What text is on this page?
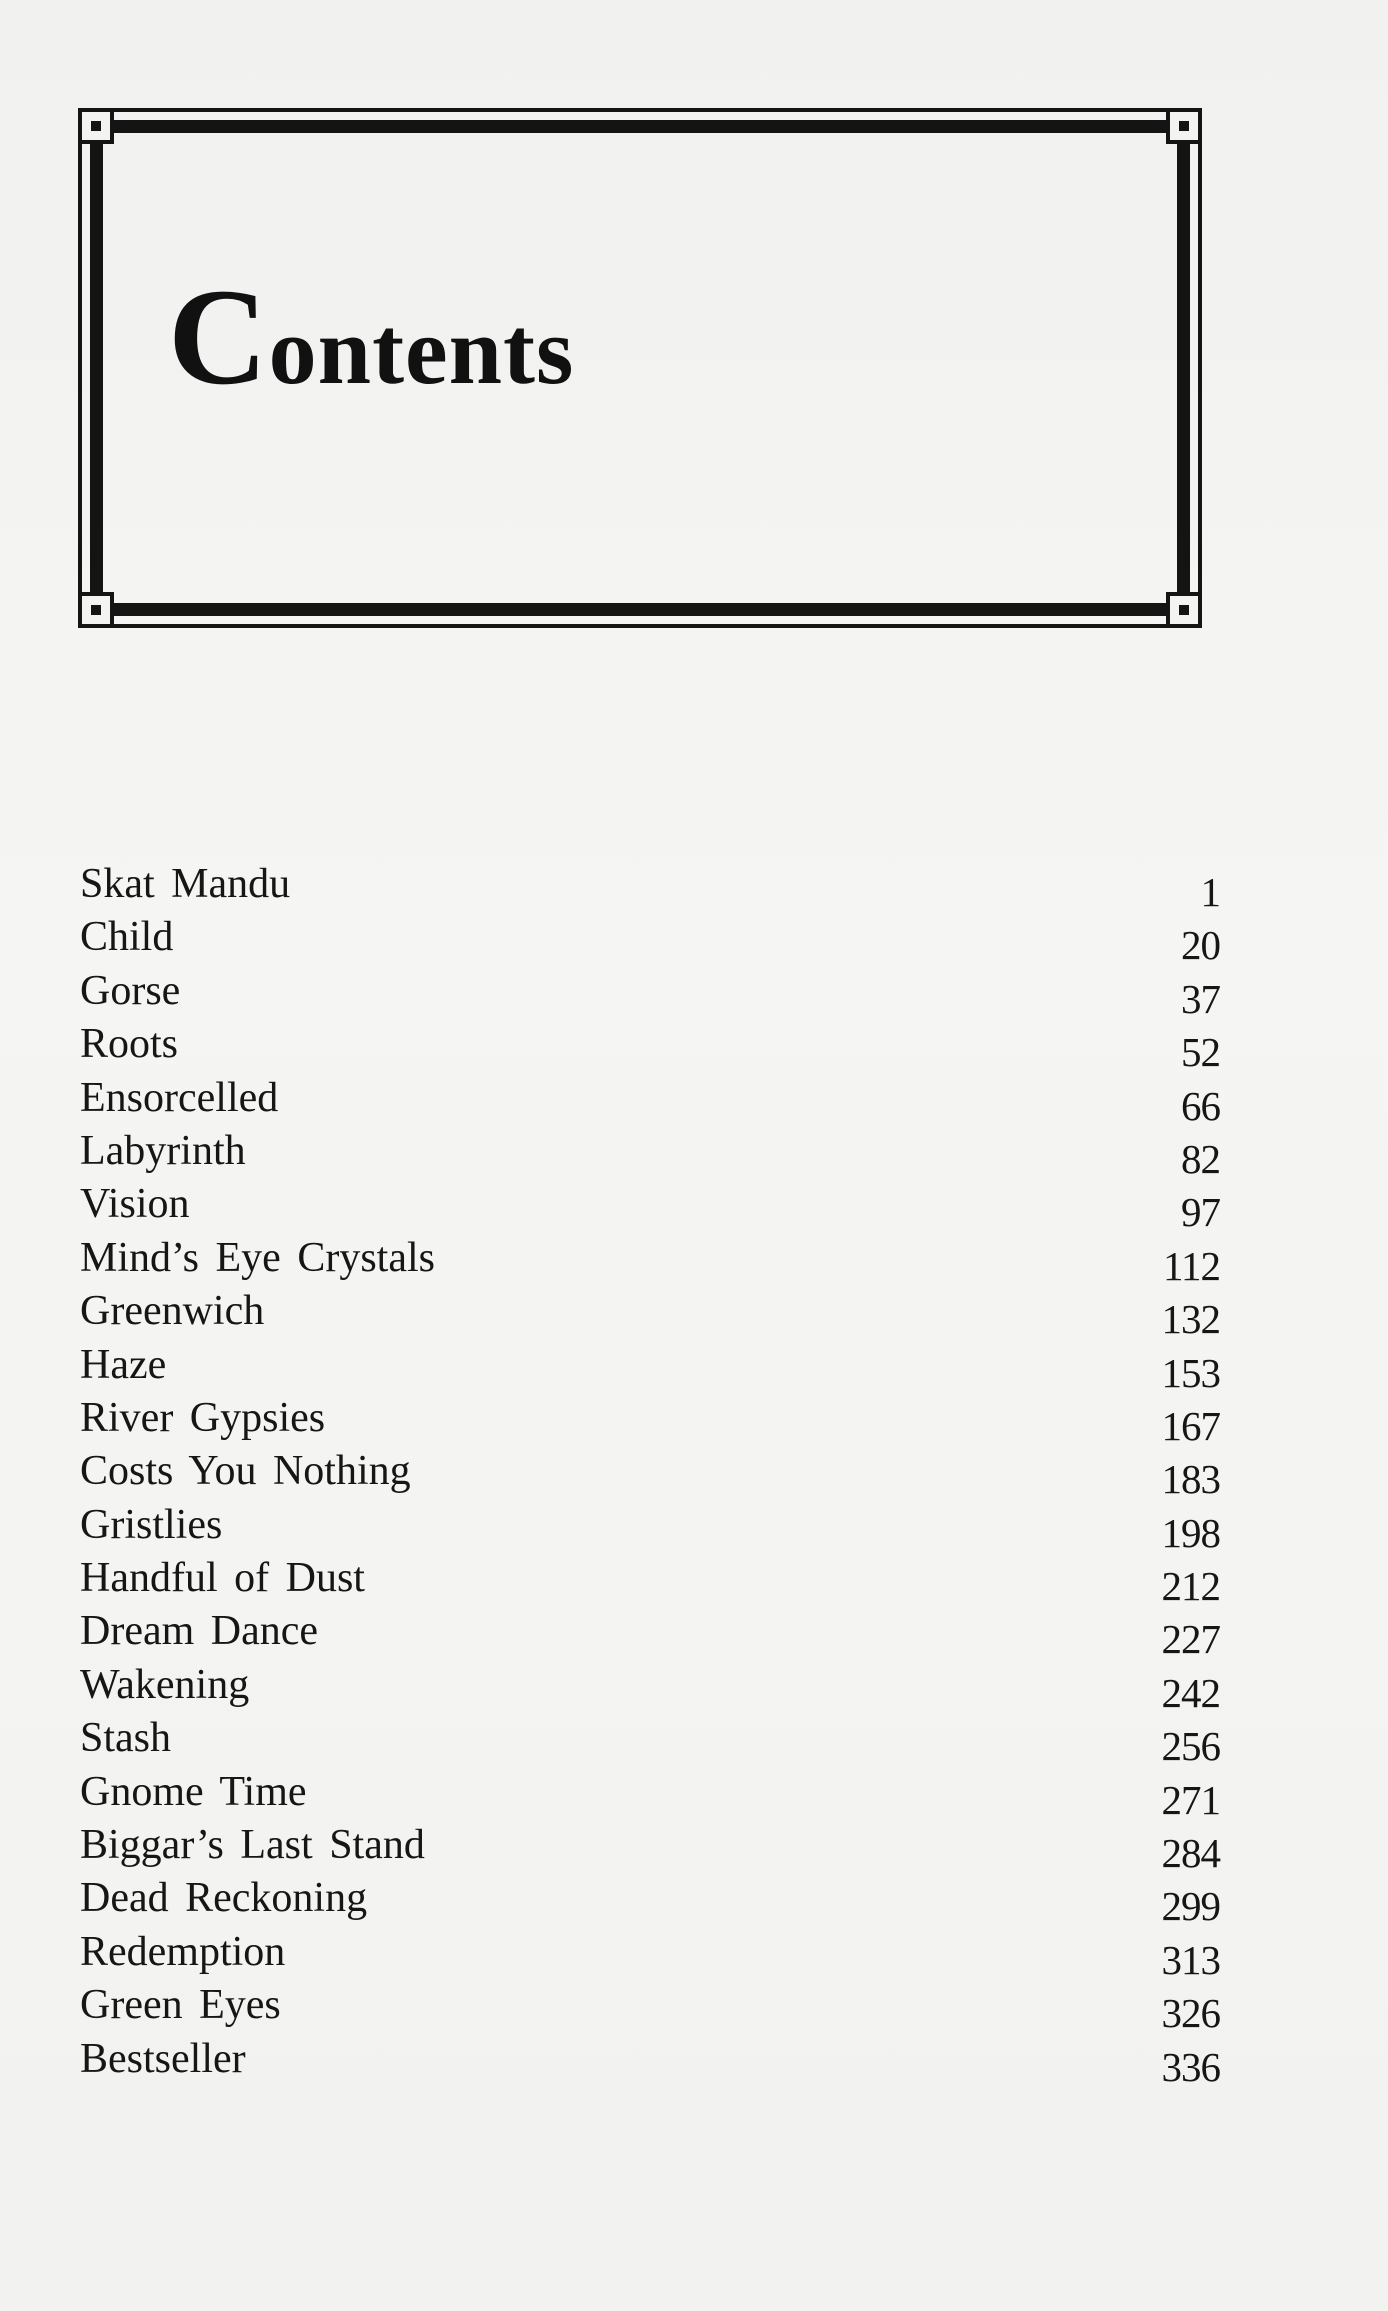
Contents
Skat Mandu	1
Child	20
Gorse	37
Roots	52
Ensorcelled	66
Labyrinth	82
Vision	97
Mind’s Eye Crystals	112
Greenwich	132
Haze	153
River Gypsies	167
Costs You Nothing	183
Gristlies	198
Handful of Dust	212
Dream Dance	227
Wakening	242
Stash	256
Gnome Time	271
Biggar’s Last Stand	284
Dead Reckoning	299
Redemption	313
Green Eyes	326
Bestseller	336
